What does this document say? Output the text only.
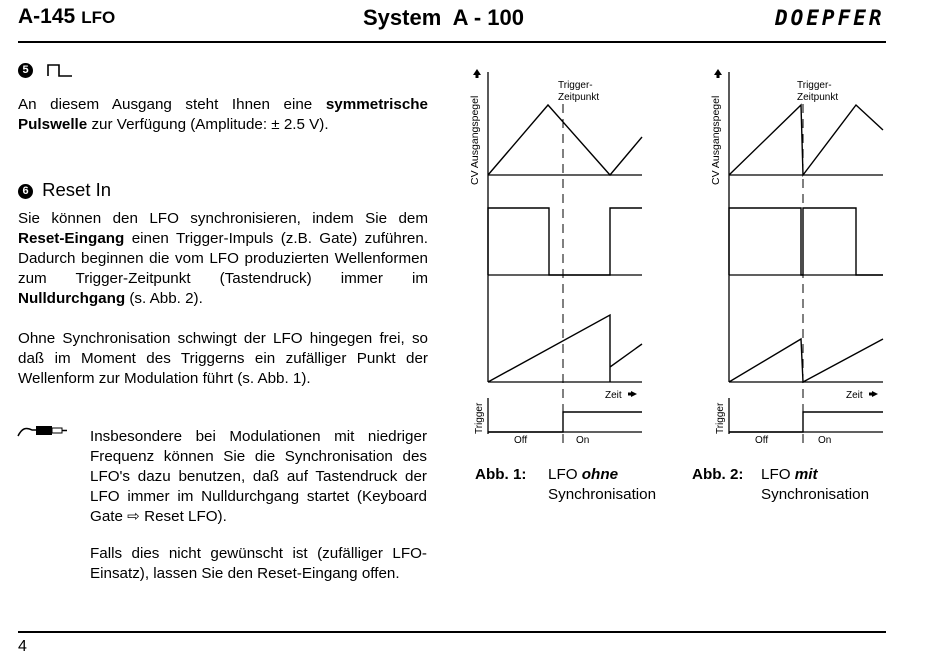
A-145 LFO	System  A - 100	DOEPFER
5
An diesem Ausgang steht Ihnen eine symmetrische Pulswelle zur Verfügung (Amplitude: ± 2.5 V).
6 Reset In
Sie können den LFO synchronisieren, indem Sie dem Reset-Eingang einen Trigger-Impuls (z.B. Gate) zuführen. Dadurch beginnen die vom LFO produzierten Wellenformen zum Trigger-Zeitpunkt (Tastendruck) immer im Nulldurchgang (s. Abb. 2).
Ohne Synchronisation schwingt der LFO hingegen frei, so daß im Moment des Triggerns ein zufälliger Punkt der Wellenform zur Modulation führt (s. Abb. 1).
Insbesondere bei Modulationen mit niedriger Frequenz können Sie die Synchronisation des LFO's dazu benutzen, daß auf Tastendruck der LFO immer im Nulldurchgang startet (Keyboard Gate ⇨ Reset LFO).
Falls dies nicht gewünscht ist (zufälliger LFO-Einsatz), lassen Sie den Reset-Eingang offen.
CV Ausgangspegel
Trigger-
Zeitpunkt
Zeit
Trigger
Off	On
CV Ausgangspegel
Trigger-
Zeitpunkt
Zeit
Trigger
Off	On
Abb. 1: LFO ohne
Synchronisation
Abb. 2: LFO mit
Synchronisation
4
